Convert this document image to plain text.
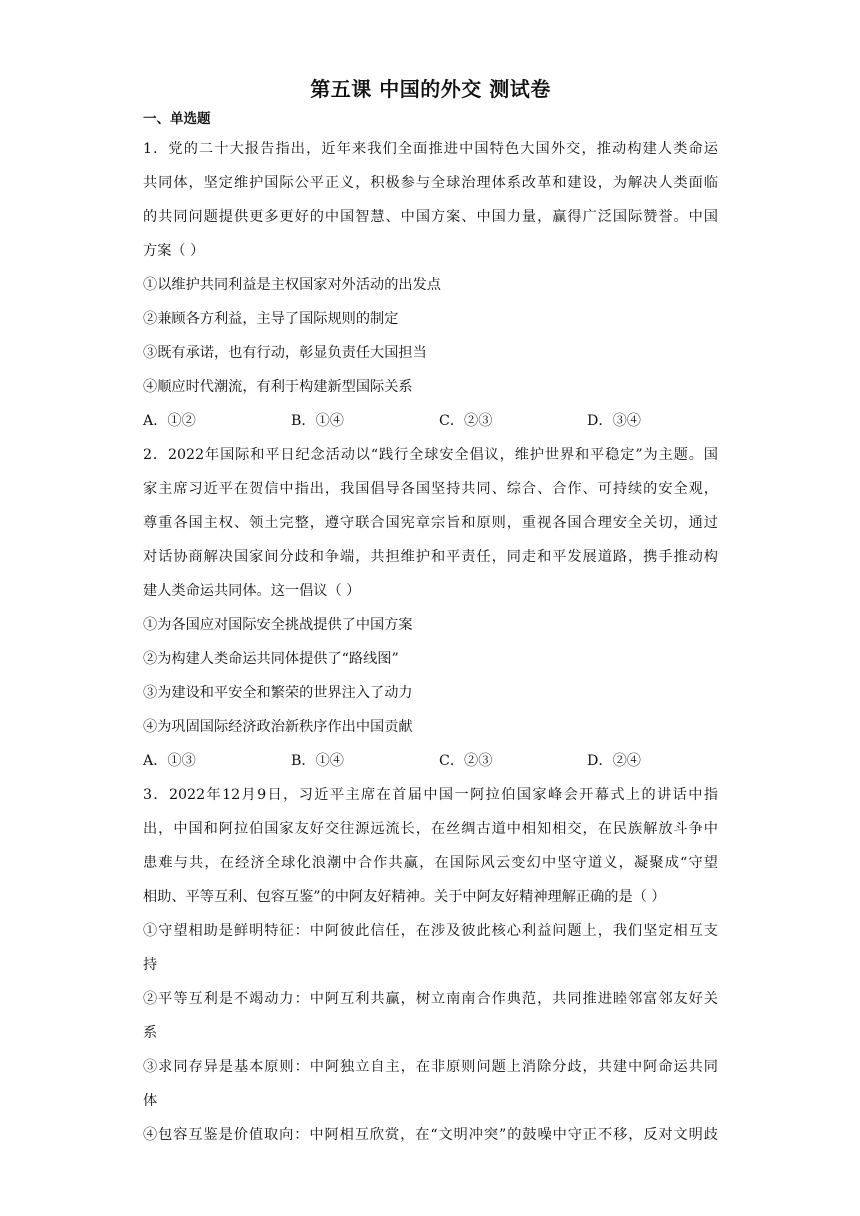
第五课 中国的外交 测试卷
一、单选题
1．党的二十大报告指出，近年来我们全面推进中国特色大国外交，推动构建人类命运
共同体，坚定维护国际公平正义，积极参与全球治理体系改革和建设，为解决人类面临
的共同问题提供更多更好的中国智慧、中国方案、中国力量，赢得广泛国际赞誉。中国
方案（ ）
①以维护共同利益是主权国家对外活动的出发点
②兼顾各方利益，主导了国际规则的制定
③既有承诺，也有行动，彰显负责任大国担当
④顺应时代潮流，有利于构建新型国际关系
A．①②	B．①④	C．②③	D．③④
2．2022年国际和平日纪念活动以“践行全球安全倡议，维护世界和平稳定”为主题。国
家主席习近平在贺信中指出，我国倡导各国坚持共同、综合、合作、可持续的安全观，
尊重各国主权、领土完整，遵守联合国宪章宗旨和原则，重视各国合理安全关切，通过
对话协商解决国家间分歧和争端，共担维护和平责任，同走和平发展道路，携手推动构
建人类命运共同体。这一倡议（ ）
①为各国应对国际安全挑战提供了中国方案
②为构建人类命运共同体提供了“路线图”
③为建设和平安全和繁荣的世界注入了动力
④为巩固国际经济政治新秩序作出中国贡献
A．①③	B．①④	C．②③	D．②④
3．2022年12月9日，习近平主席在首届中国一阿拉伯国家峰会开幕式上的讲话中指
出，中国和阿拉伯国家友好交往源远流长，在丝绸古道中相知相交，在民族解放斗争中
患难与共，在经济全球化浪潮中合作共赢，在国际风云变幻中坚守道义，凝聚成“守望
相助、平等互利、包容互鉴”的中阿友好精神。关于中阿友好精神理解正确的是（ ）
①守望相助是鲜明特征：中阿彼此信任，在涉及彼此核心利益问题上，我们坚定相互支
持
②平等互利是不竭动力：中阿互利共赢，树立南南合作典范，共同推进睦邻富邻友好关
系
③求同存异是基本原则：中阿独立自主，在非原则问题上消除分歧，共建中阿命运共同
体
④包容互鉴是价值取向：中阿相互欣赏，在“文明冲突”的鼓噪中守正不移，反对文明歧
